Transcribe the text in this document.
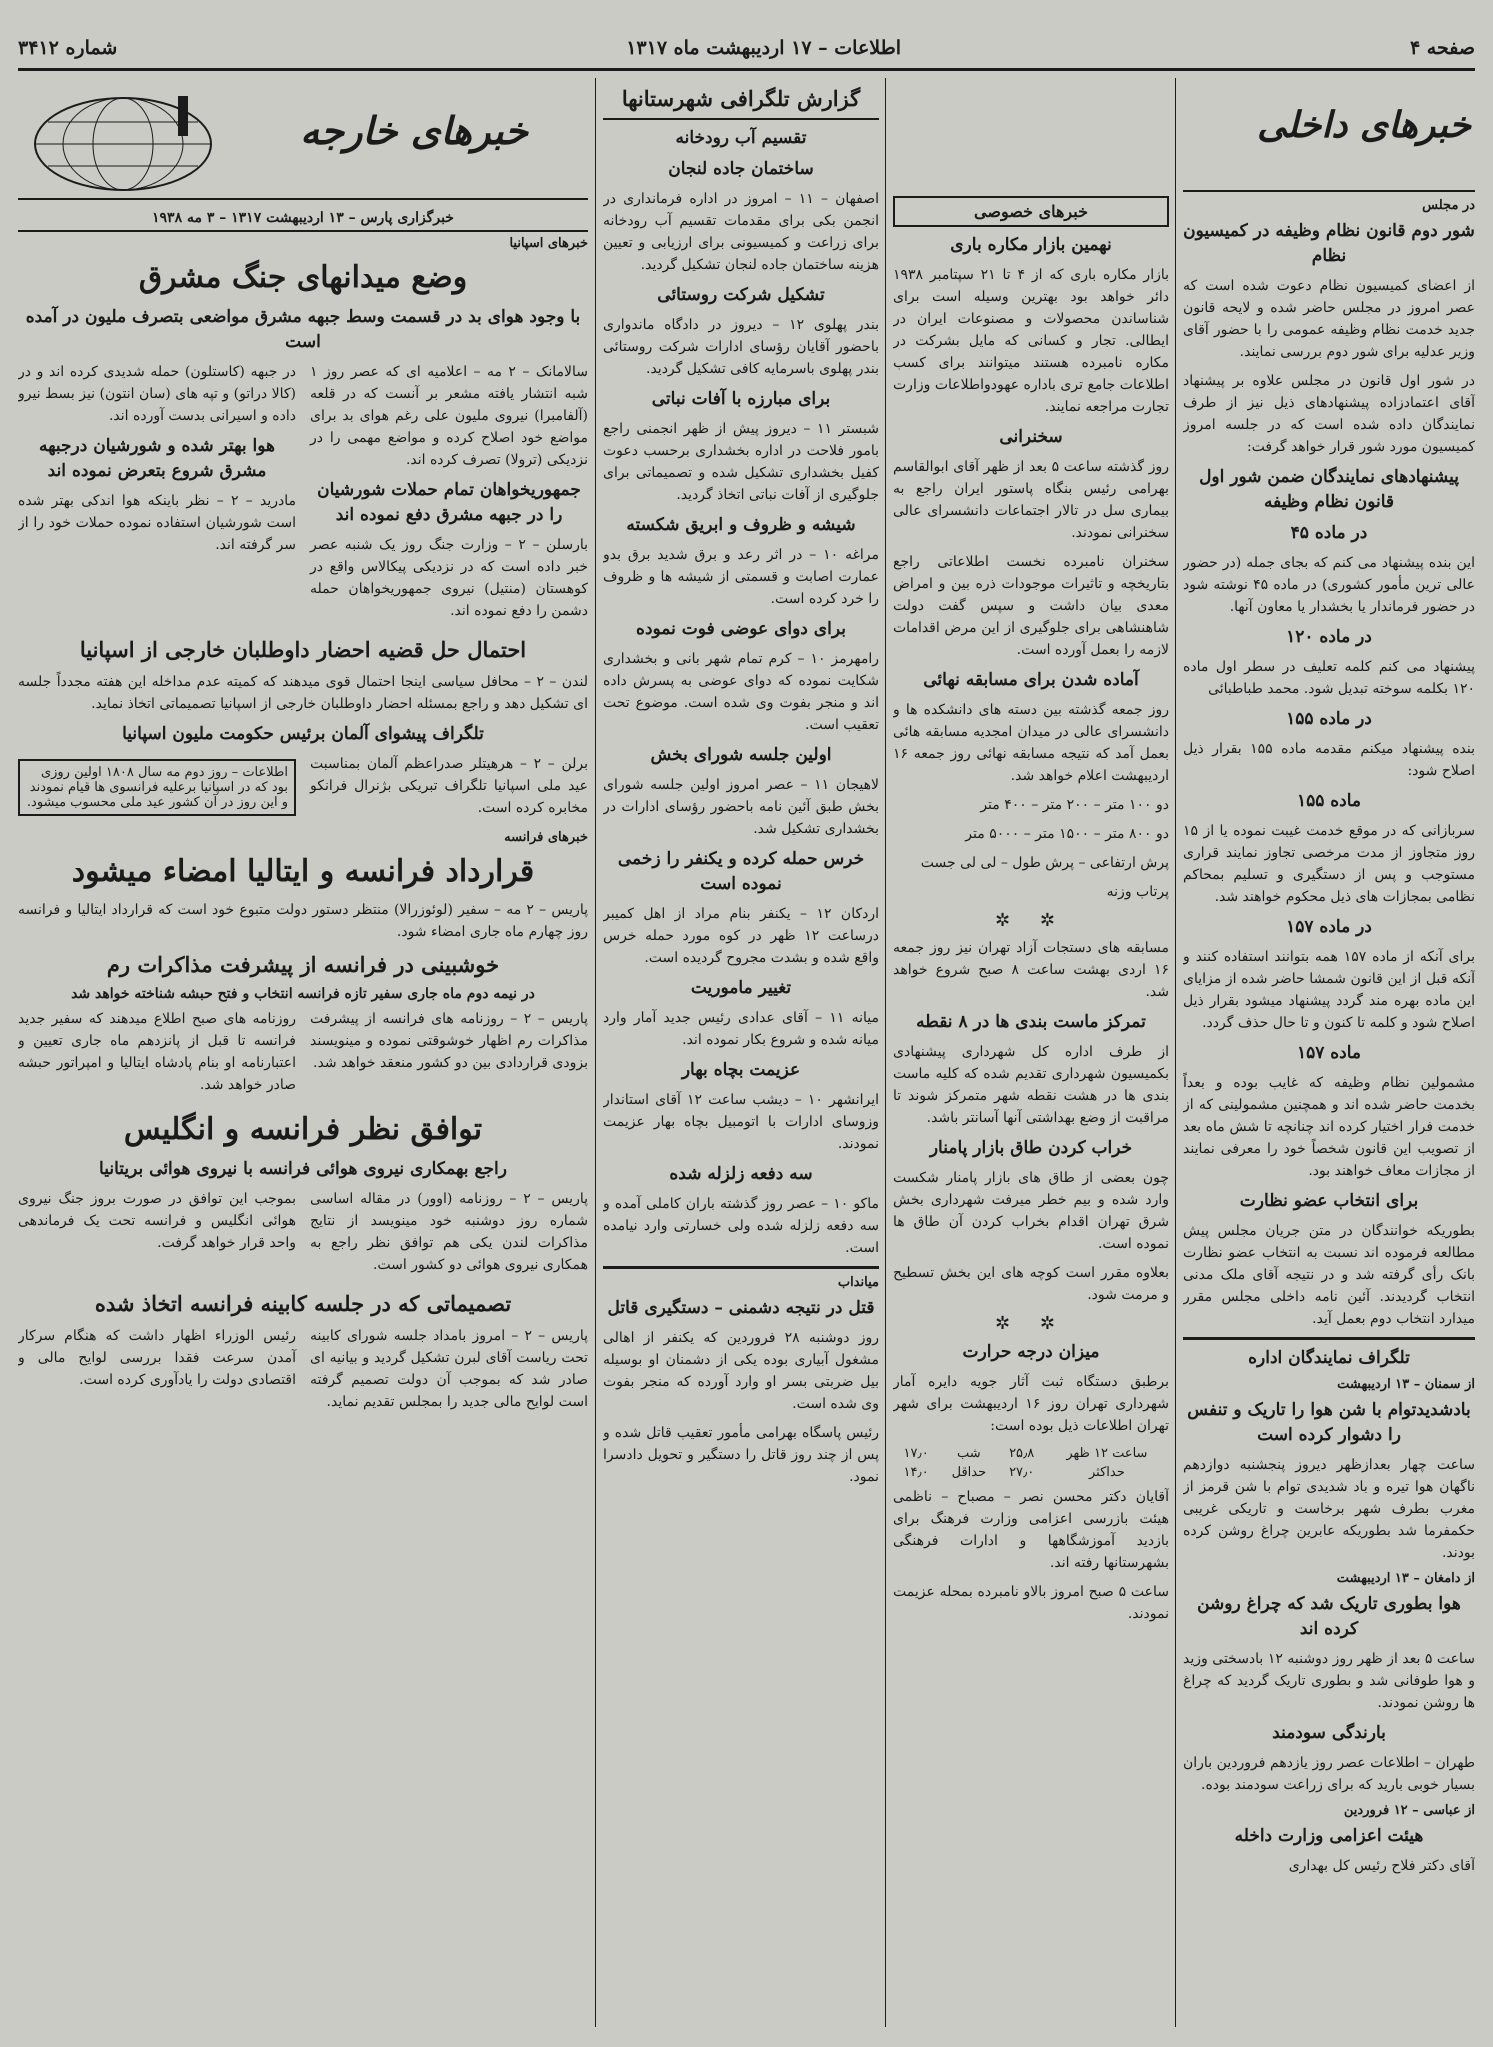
صفحه ۴
اطلاعات – ۱۷ اردیبهشت ماه ۱۳۱۷
شماره ۳۴۱۲
خبرهای داخلی
در مجلس
شور دوم قانون نظام وظیفه در کمیسیون نظام

از اعضای کمیسیون نظام دعوت شده است که عصر امروز در مجلس حاضر شده و لایحه قانون جدید خدمت نظام وظیفه عمومی را با حضور آقای وزیر عدلیه برای شور دوم بررسی نمایند.

در شور اول قانون در مجلس علاوه بر پیشنهاد آقای اعتمادزاده پیشنهادهای ذیل نیز از طرف نمایندگان داده شده است که در جلسه امروز کمیسیون مورد شور قرار خواهد گرفت:

پیشنهادهای نمایندگان ضمن شور اول قانون نظام وظیفه
در ماده ۴۵

این بنده پیشنهاد می کنم که بجای جمله (در حضور عالی ترین مأمور کشوری) در ماده ۴۵ نوشته شود در حضور فرماندار یا بخشدار یا معاون آنها.

در ماده ۱۲۰

پیشنهاد می کنم کلمه تعلیف در سطر اول ماده ۱۲۰ بکلمه سوخته تبدیل شود. محمد طباطبائی

در ماده ۱۵۵

بنده پیشنهاد میکنم مقدمه ماده ۱۵۵ بقرار ذیل اصلاح شود:

ماده ۱۵۵

سربازانی که در موقع خدمت غیبت نموده یا از ۱۵ روز متجاوز از مدت مرخصی تجاوز نمایند قراری مستوجب و پس از دستگیری و تسلیم بمحاکم نظامی بمجازات های ذیل محکوم خواهند شد.

در ماده ۱۵۷

برای آنکه از ماده ۱۵۷ همه بتوانند استفاده کنند و آنکه قبل از این قانون شمشا حاضر شده از مزایای این ماده بهره مند گردد پیشنهاد میشود بقرار ذیل اصلاح شود و کلمه تا کنون و تا حال حذف گردد.

ماده ۱۵۷

مشمولین نظام وظیفه که غایب بوده و بعداً بخدمت حاضر شده اند و همچنین مشمولینی که از خدمت فرار اختیار کرده اند چنانچه تا شش ماه بعد از تصویب این قانون شخصاً خود را معرفی نمایند از مجازات معاف خواهند بود.

برای انتخاب عضو نظارت

بطوریکه خوانندگان در متن جریان مجلس پیش مطالعه فرموده اند نسبت به انتخاب عضو نظارت بانک رأی گرفته شد و در نتیجه آقای ملک مدنی انتخاب گردیدند. آئین نامه داخلی مجلس مقرر میدارد انتخاب دوم بعمل آید.

تلگراف نمایندگان اداره
از سمنان – ۱۳ اردیبهشت
بادشدیدتوام با شن هوا را تاریک و تنفس را دشوار کرده است

ساعت چهار بعدازظهر دیروز پنجشنبه دوازدهم ناگهان هوا تیره و باد شدیدی توام با شن قرمز از مغرب بطرف شهر برخاست و تاریکی غریبی حکمفرما شد بطوریکه عابرین چراغ روشن کرده بودند.

از دامغان – ۱۳ اردیبهشت
هوا بطوری تاریک شد که چراغ روشن کرده اند

ساعت ۵ بعد از ظهر روز دوشنبه ۱۲ بادسختی وزید و هوا طوفانی شد و بطوری تاریک گردید که چراغ ها روشن نمودند.

بارندگی سودمند

طهران – اطلاعات عصر روز یازدهم فروردین باران بسیار خوبی بارید که برای زراعت سودمند بوده.

از عباسی – ۱۲ فروردین
هیئت اعزامی وزارت داخله

آقای دکتر فلاح رئیس کل بهداری

خبرهای خصوصی
نهمین بازار مکاره باری

بازار مکاره باری که از ۴ تا ۲۱ سپتامبر ۱۹۳۸ دائر خواهد بود بهترین وسیله است برای شناساندن محصولات و مصنوعات ایران در ایطالی. تجار و کسانی که مایل بشرکت در مکاره نامبرده هستند میتوانند برای کسب اطلاعات جامع تری باداره عهودواطلاعات وزارت تجارت مراجعه نمایند.

سخنرانی

روز گذشته ساعت ۵ بعد از ظهر آقای ابوالقاسم بهرامی رئیس بنگاه پاستور ایران راجع به بیماری سل در تالار اجتماعات دانشسرای عالی سخنرانی نمودند.

سخنران نامبرده نخست اطلاعاتی راجع بتاریخچه و تاثیرات موجودات ذره بین و امراض معدی بیان داشت و سپس گفت دولت شاهنشاهی برای جلوگیری از این مرض اقدامات لازمه را بعمل آورده است.

آماده شدن برای مسابقه نهائی

روز جمعه گذشته بین دسته های دانشکده ها و دانشسرای عالی در میدان امجدیه مسابقه هائی بعمل آمد که نتیجه مسابقه نهائی روز جمعه ۱۶ اردیبهشت اعلام خواهد شد.

دو ۱۰۰ متر – ۲۰۰ متر – ۴۰۰ متر

دو ۸۰۰ متر – ۱۵۰۰ متر – ۵۰۰۰ متر

پرش ارتفاعی – پرش طول – لی لی جست

پرتاب وزنه

✲ ✲

مسابقه های دستجات آزاد تهران نیز روز جمعه ۱۶ اردی بهشت ساعت ۸ صبح شروع خواهد شد.

تمرکز ماست بندی ها در ۸ نقطه

از طرف اداره کل شهرداری پیشنهادی بکمیسیون شهرداری تقدیم شده که کلیه ماست بندی ها در هشت نقطه شهر متمرکز شوند تا مراقبت از وضع بهداشتی آنها آسانتر باشد.

خراب کردن طاق بازار پامنار

چون بعضی از طاق های بازار پامنار شکست وارد شده و بیم خطر میرفت شهرداری بخش شرق تهران اقدام بخراب کردن آن طاق ها نموده است.

بعلاوه مقرر است کوچه های این بخش تسطیح و مرمت شود.

✲ ✲
میزان درجه حرارت

برطبق دستگاه ثبت آثار جویه دایره آمار شهرداری تهران روز ۱۶ اردیبهشت برای شهر تهران اطلاعات ذیل بوده است:

ساعت ۱۲ ظهر	۲۵٫۸	شب	۱۷٫۰
حداکثر	۲۷٫۰	حداقل	۱۴٫۰

آقایان دکتر محسن نصر – مصباح – ناظمی هیئت بازرسی اعزامی وزارت فرهنگ برای بازدید آموزشگاهها و ادارات فرهنگی بشهرستانها رفته اند.

ساعت ۵ صبح امروز بالاو نامبرده بمحله عزیمت نمودند.

گزارش تلگرافی شهرستانها
تقسیم آب رودخانه
ساختمان جاده لنجان

اصفهان – ۱۱ – امروز در اداره فرمانداری در انجمن بکی برای مقدمات تقسیم آب رودخانه برای زراعت و کمیسیونی برای ارزیابی و تعیین هزینه ساختمان جاده لنجان تشکیل گردید.

تشکیل شرکت روستائی

بندر پهلوی ۱۲ – دیروز در دادگاه ماندواری باحضور آقایان رؤسای ادارات شرکت روستائی بندر پهلوی باسرمایه کافی تشکیل گردید.

برای مبارزه با آفات نباتی

شبستر ۱۱ – دیروز پیش از ظهر انجمنی راجع بامور فلاحت در اداره بخشداری برحسب دعوت کفیل بخشداری تشکیل شده و تصمیماتی برای جلوگیری از آفات نباتی اتخاذ گردید.

شیشه و ظروف و ابریق شکسته

مراغه ۱۰ – در اثر رعد و برق شدید برق بدو عمارت اصابت و قسمتی از شیشه ها و ظروف را خرد کرده است.

برای دوای عوضی فوت نموده

رامهرمز ۱۰ – کرم تمام شهر بانی و بخشداری شکایت نموده که دوای عوضی به پسرش داده اند و منجر بفوت وی شده است. موضوع تحت تعقیب است.

اولین جلسه شورای بخش

لاهیجان ۱۱ – عصر امروز اولین جلسه شورای بخش طبق آئین نامه باحضور رؤسای ادارات در بخشداری تشکیل شد.

خرس حمله کرده و یکنفر را زخمی نموده است

اردکان ۱۲ – یکنفر بنام مراد از اهل کمیبر درساعت ۱۲ ظهر در کوه مورد حمله خرس واقع شده و بشدت مجروح گردیده است.

تغییر ماموریت

میانه ۱۱ – آقای عدادی رئیس جدید آمار وارد میانه شده و شروع بکار نموده اند.

عزیمت بچاه بهار

ایرانشهر ۱۰ – دیشب ساعت ۱۲ آقای استاندار وزوسای ادارات با اتومبیل بچاه بهار عزیمت نمودند.

سه دفعه زلزله شده

ماکو ۱۰ – عصر روز گذشته باران کاملی آمده و سه دفعه زلزله شده ولی خسارتی وارد نیامده است.

میانداب
قتل در نتیجه دشمنی – دستگیری قاتل

روز دوشنبه ۲۸ فروردین که یکنفر از اهالی مشغول آبیاری بوده یکی از دشمنان او بوسیله بیل ضربتی بسر او وارد آورده که منجر بفوت وی شده است.

رئیس پاسگاه بهرامی مأمور تعقیب قاتل شده و پس از چند روز قاتل را دستگیر و تحویل دادسرا نمود.

خبرهای خارجه
خبرگزاری پارس – ۱۳ اردیبهشت ۱۳۱۷ – ۳ مه ۱۹۳۸
خبرهای اسپانیا
وضع میدانهای جنگ مشرق
با وجود هوای بد در قسمت وسط جبهه مشرق مواضعی بتصرف ملیون در آمده است

سالامانک – ۲ مه – اعلامیه ای که عصر روز ۱ شبه انتشار یافته مشعر بر آنست که در قلعه (آلفامبرا) نیروی ملیون علی رغم هوای بد برای مواضع خود اصلاح کرده و مواضع مهمی را در نزدیکی (ترولا) تصرف کرده اند.

جمهوریخواهان تمام حملات شورشیان را در جبهه مشرق دفع نموده اند

بارسلن – ۲ – وزارت جنگ روز یک شنبه عصر خبر داده است که در نزدیکی پیکالاس واقع در کوهستان (منتیل) نیروی جمهوریخواهان حمله دشمن را دفع نموده اند.

در جبهه (کاستلون) حمله شدیدی کرده اند و در (کالا دراتو) و تپه های (سان انتون) نیز بسط نیرو داده و اسیرانی بدست آورده اند.

هوا بهتر شده و شورشیان درجبهه مشرق شروع بتعرض نموده اند

مادرید – ۲ – نظر باینکه هوا اندکی بهتر شده است شورشیان استفاده نموده حملات خود را از سر گرفته اند.

احتمال حل قضیه احضار داوطلبان خارجی از اسپانیا

لندن – ۲ – محافل سیاسی اینجا احتمال قوی میدهند که کمیته عدم مداخله این هفته مجدداً جلسه ای تشکیل دهد و راجع بمسئله احضار داوطلبان خارجی از اسپانیا تصمیماتی اتخاذ نماید.

تلگراف پیشوای آلمان برئیس حکومت ملیون اسپانیا

برلن – ۲ – هرهیتلر صدراعظم آلمان بمناسبت عید ملی اسپانیا تلگراف تبریکی بژنرال فرانکو مخابره کرده است.

اطلاعات – روز دوم مه سال ۱۸۰۸ اولین روزی بود که در اسپانیا برعلیه فرانسوی ها قیام نمودند و این روز در آن کشور عید ملی محسوب میشود.
خبرهای فرانسه
قرارداد فرانسه و ایتالیا امضاء میشود

پاریس – ۲ مه – سفیر (لوئوزرالا) منتظر دستور دولت متبوع خود است که قرارداد ایتالیا و فرانسه روز چهارم ماه جاری امضاء شود.

خوشبینی در فرانسه از پیشرفت مذاکرات رم
در نیمه دوم ماه جاری سفیر تازه فرانسه انتخاب و فتح حبشه شناخته خواهد شد

پاریس – ۲ – روزنامه های فرانسه از پیشرفت مذاکرات رم اظهار خوشوقتی نموده و مینویسند بزودی قراردادی بین دو کشور منعقد خواهد شد.

روزنامه های صبح اطلاع میدهند که سفیر جدید فرانسه تا قبل از پانزدهم ماه جاری تعیین و اعتبارنامه او بنام پادشاه ایتالیا و امپراتور حبشه صادر خواهد شد.

توافق نظر فرانسه و انگلیس
راجع بهمکاری نیروی هوائی فرانسه با نیروی هوائی بریتانیا

پاریس – ۲ – روزنامه (اوور) در مقاله اساسی شماره روز دوشنبه خود مینویسد از نتایج مذاکرات لندن یکی هم توافق نظر راجع به همکاری نیروی هوائی دو کشور است.

بموجب این توافق در صورت بروز جنگ نیروی هوائی انگلیس و فرانسه تحت یک فرماندهی واحد قرار خواهد گرفت.

تصمیماتی که در جلسه کابینه فرانسه اتخاذ شده

پاریس – ۲ – امروز بامداد جلسه شورای کابینه تحت ریاست آقای لبرن تشکیل گردید و بیانیه ای صادر شد که بموجب آن دولت تصمیم گرفته است لوایح مالی جدید را بمجلس تقدیم نماید.

رئیس الوزراء اظهار داشت که هنگام سرکار آمدن سرعت فقدا بررسی لوایح مالی و اقتصادی دولت را یادآوری کرده است.
